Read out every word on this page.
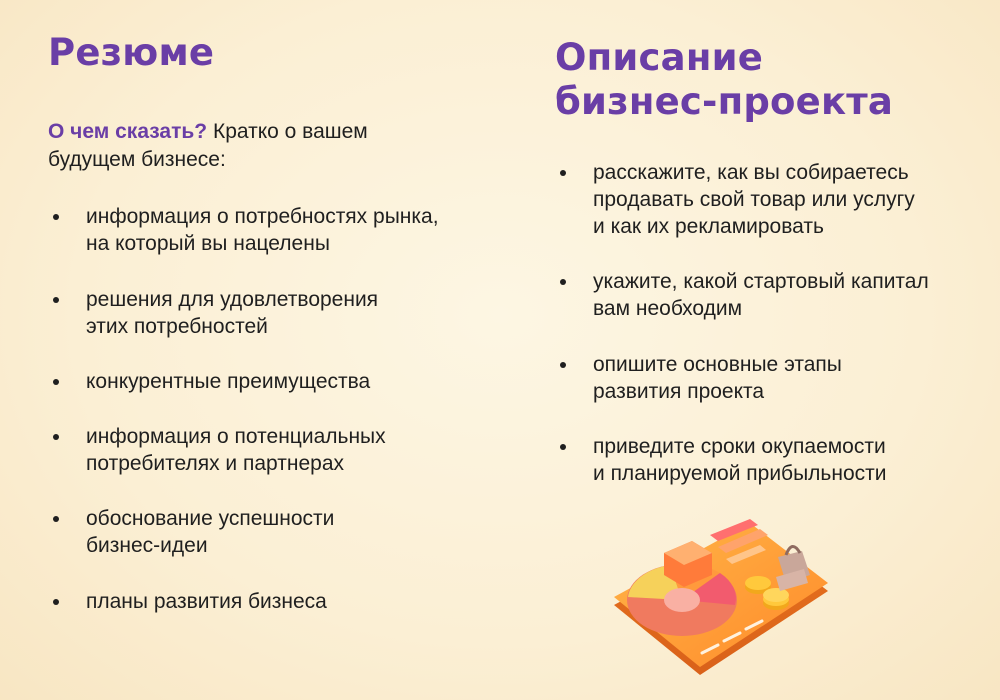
Резюме
О чем сказать? Кратко о вашем будущем бизнесе:
информация о потребностях рынка,
на который вы нацелены
решения для удовлетворения
этих потребностей
конкурентные преимущества
информация о потенциальных
потребителях и партнерах
обоснование успешности
бизнес-идеи
планы развития бизнеса
Описание
бизнес-проекта
расскажите, как вы собираетесь
продавать свой товар или услугу
и как их рекламировать
укажите, какой стартовый капитал
вам необходим
опишите основные этапы
развития проекта
приведите сроки окупаемости
и планируемой прибыльности
